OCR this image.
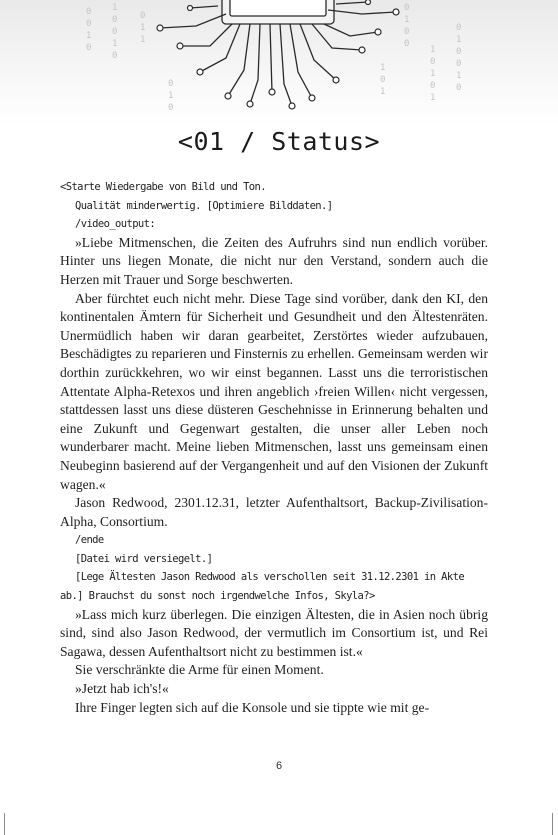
0
0
1
0
1
0
0
1
0
0
1
1
0
1
0
0
1
0
0
1
0
1
0
1
0
1
0
0
1
0
1
0
1
<01 / Status>

<Starte Wiedergabe von Bild und Ton.

Qualität minderwertig. [Optimiere Bilddaten.]

/video_output:

»Liebe Mitmenschen, die Zeiten des Aufruhrs sind nun endlich vorüber. Hinter uns liegen Monate, die nicht nur den Verstand, sondern auch die Herzen mit Trauer und Sorge beschwerten.

Aber fürchtet euch nicht mehr. Diese Tage sind vorüber, dank den KI, den kontinentalen Ämtern für Sicherheit und Gesundheit und den Ältestenräten. Unermüdlich haben wir daran gearbeitet, Zerstörtes wieder aufzubauen, Beschädigtes zu reparieren und Finsternis zu erhellen. Gemeinsam werden wir dorthin zurückkehren, wo wir einst begannen. Lasst uns die terroristischen Attentate Alpha-Retexos und ihren angeblich ›freien Willen‹ nicht vergessen, stattdessen lasst uns diese düsteren Geschehnisse in Erinnerung behalten und eine Zukunft und Gegenwart gestalten, die unser aller Leben noch wunderbarer macht. Meine lieben Mitmenschen, lasst uns gemeinsam einen Neubeginn basierend auf der Vergangenheit und auf den Visionen der Zukunft wagen.«

Jason Redwood, 2301.12.31, letzter Aufenthaltsort, Backup-Zivilisation-Alpha, Consortium.

/ende

[Datei wird versiegelt.]

[Lege Ältesten Jason Redwood als verschollen seit 31.12.2301 in Akte ab.] Brauchst du sonst noch irgendwelche Infos, Skyla?>

»Lass mich kurz überlegen. Die einzigen Ältesten, die in Asien noch übrig sind, sind also Jason Redwood, der vermutlich im Consortium ist, und Rei Sagawa, dessen Aufenthaltsort nicht zu bestimmen ist.«

Sie verschränkte die Arme für einen Moment.

»Jetzt hab ich's!«

Ihre Finger legten sich auf die Konsole und sie tippte wie mit ge-

6
